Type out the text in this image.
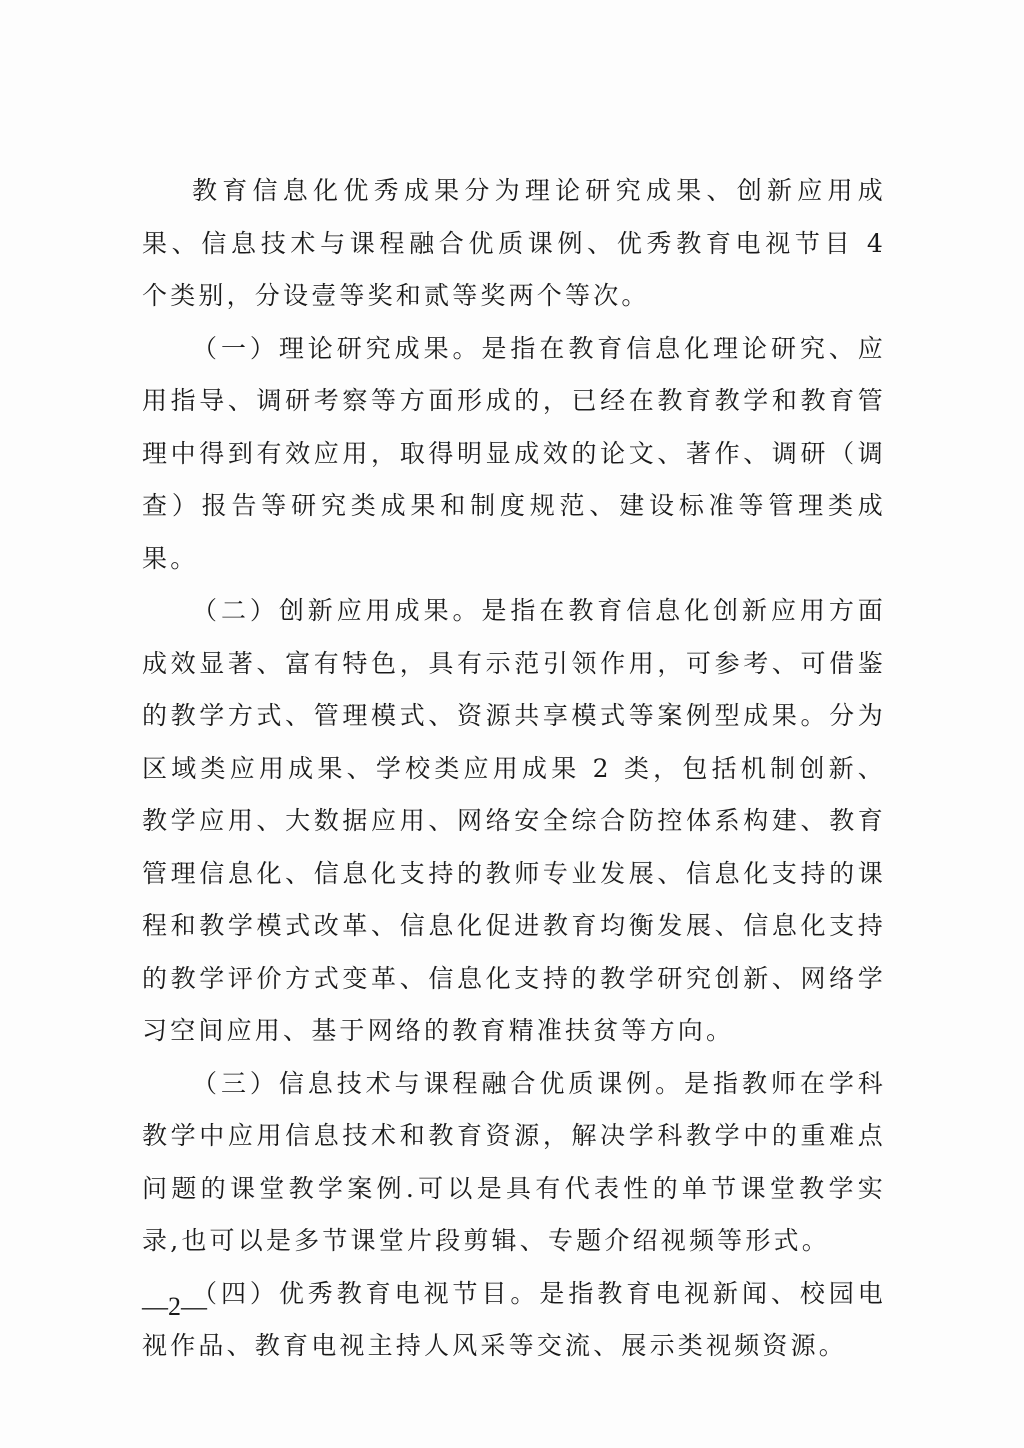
教育信息化优秀成果分为理论研究成果、创新应用成果、信息技术与课程融合优质课例、优秀教育电视节目 4 个类别，分设壹等奖和贰等奖两个等次。

（一）理论研究成果。是指在教育信息化理论研究、应用指导、调研考察等方面形成的，已经在教育教学和教育管理中得到有效应用，取得明显成效的论文、著作、调研（调查）报告等研究类成果和制度规范、建设标准等管理类成果。

（二）创新应用成果。是指在教育信息化创新应用方面成效显著、富有特色，具有示范引领作用，可参考、可借鉴的教学方式、管理模式、资源共享模式等案例型成果。分为区域类应用成果、学校类应用成果 2 类，包括机制创新、教学应用、大数据应用、网络安全综合防控体系构建、教育管理信息化、信息化支持的教师专业发展、信息化支持的课程和教学模式改革、信息化促进教育均衡发展、信息化支持的教学评价方式变革、信息化支持的教学研究创新、网络学习空间应用、基于网络的教育精准扶贫等方向。

（三）信息技术与课程融合优质课例。是指教师在学科教学中应用信息技术和教育资源，解决学科教学中的重难点问题的课堂教学案例.可以是具有代表性的单节课堂教学实录,也可以是多节课堂片段剪辑、专题介绍视频等形式。

（四）优秀教育电视节目。是指教育电视新闻、校园电视作品、教育电视主持人风采等交流、展示类视频资源。

—2—
